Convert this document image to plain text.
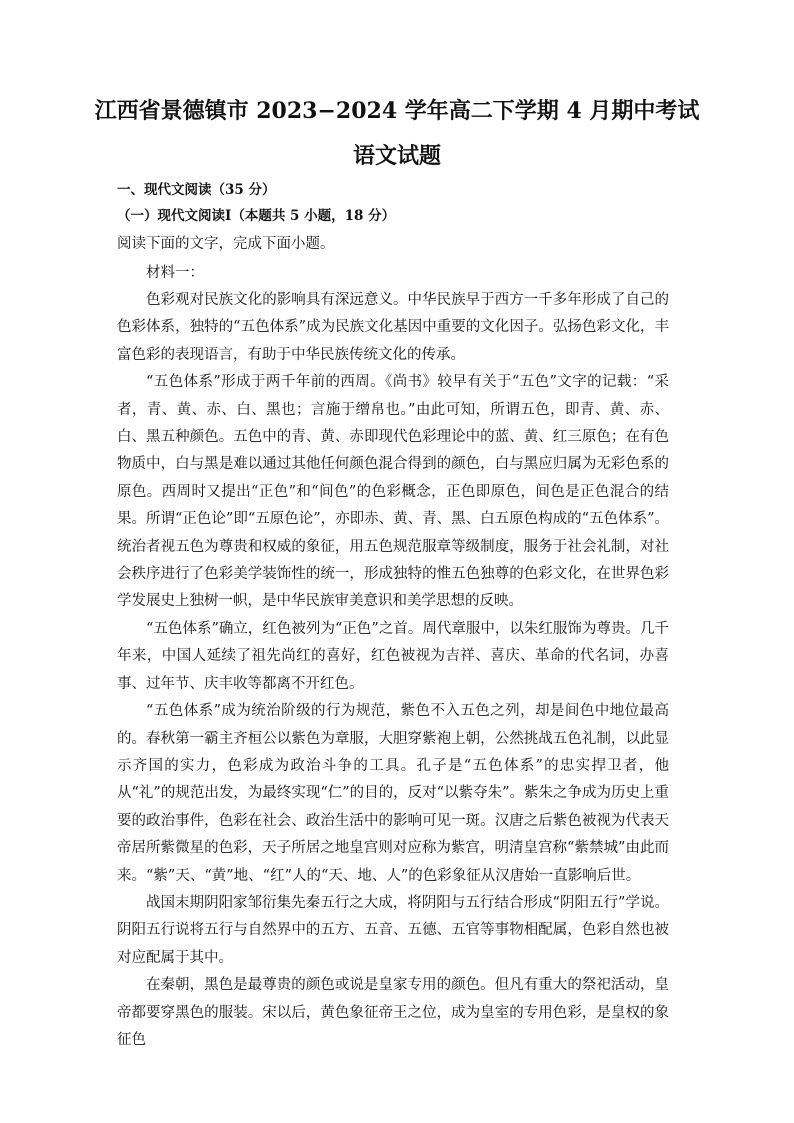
江西省景德镇市 2023−2024 学年高二下学期 4 月期中考试
语文试题
一、现代文阅读（35 分）
（一）现代文阅读Ⅰ（本题共 5 小题，18 分）
阅读下面的文字，完成下面小题。
材料一：

色彩观对民族文化的影响具有深远意义。中华民族早于西方一千多年形成了自己的色彩体系，独特的“五色体系”成为民族文化基因中重要的文化因子。弘扬色彩文化，丰富色彩的表现语言，有助于中华民族传统文化的传承。

“五色体系”形成于两千年前的西周。《尚书》较早有关于“五色”文字的记载：“采者，青、黄、赤、白、黑也；言施于缯帛也。”由此可知，所谓五色，即青、黄、赤、白、黑五种颜色。五色中的青、黄、赤即现代色彩理论中的蓝、黄、红三原色；在有色物质中，白与黑是难以通过其他任何颜色混合得到的颜色，白与黑应归属为无彩色系的原色。西周时又提出“正色”和“间色”的色彩概念，正色即原色，间色是正色混合的结果。所谓“正色论”即“五原色论”，亦即赤、黄、青、黑、白五原色构成的“五色体系”。统治者视五色为尊贵和权威的象征，用五色规范服章等级制度，服务于社会礼制，对社会秩序进行了色彩美学装饰性的统一，形成独特的惟五色独尊的色彩文化，在世界色彩学发展史上独树一帜，是中华民族审美意识和美学思想的反映。

“五色体系”确立，红色被列为“正色”之首。周代章服中，以朱红服饰为尊贵。几千年来，中国人延续了祖先尚红的喜好，红色被视为吉祥、喜庆、革命的代名词，办喜事、过年节、庆丰收等都离不开红色。

“五色体系”成为统治阶级的行为规范，紫色不入五色之列，却是间色中地位最高的。春秋第一霸主齐桓公以紫色为章服，大胆穿紫袍上朝，公然挑战五色礼制，以此显示齐国的实力，色彩成为政治斗争的工具。孔子是“五色体系”的忠实捍卫者，他从“礼”的规范出发，为最终实现“仁”的目的，反对“以紫夺朱”。紫朱之争成为历史上重要的政治事件，色彩在社会、政治生活中的影响可见一斑。汉唐之后紫色被视为代表天帝居所紫微星的色彩，天子所居之地皇宫则对应称为紫宫，明清皇宫称“紫禁城”由此而来。“紫”天、“黄”地、“红”人的“天、地、人”的色彩象征从汉唐始一直影响后世。

战国末期阴阳家邹衍集先秦五行之大成，将阴阳与五行结合形成“阴阳五行”学说。阴阳五行说将五行与自然界中的五方、五音、五德、五官等事物相配属，色彩自然也被对应配属于其中。

在秦朝，黑色是最尊贵的颜色或说是皇家专用的颜色。但凡有重大的祭祀活动，皇帝都要穿黑色的服装。宋以后，黄色象征帝王之位，成为皇室的专用色彩，是皇权的象征色
